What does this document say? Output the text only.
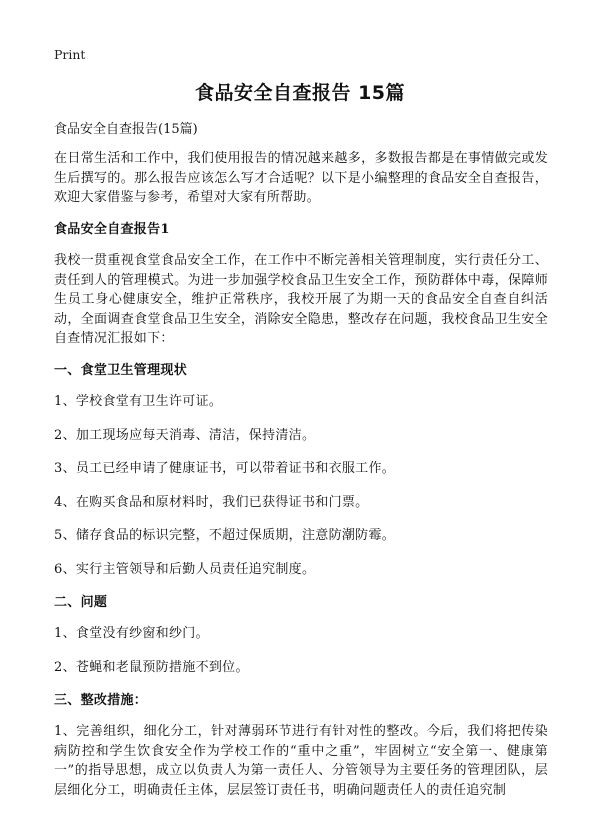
Print
食品安全自查报告 15篇
食品安全自查报告(15篇)

在日常生活和工作中，我们使用报告的情况越来越多，多数报告都是在事情做完或发生后撰写的。那么报告应该怎么写才合适呢？以下是小编整理的食品安全自查报告，欢迎大家借鉴与参考，希望对大家有所帮助。

食品安全自查报告1

我校一贯重视食堂食品安全工作，在工作中不断完善相关管理制度，实行责任分工、责任到人的管理模式。为进一步加强学校食品卫生安全工作，预防群体中毒，保障师生员工身心健康安全，维护正常秩序，我校开展了为期一天的食品安全自查自纠活动，全面调查食堂食品卫生安全，消除安全隐患，整改存在问题，我校食品卫生安全自查情况汇报如下：

一、食堂卫生管理现状
1、学校食堂有卫生许可证。
2、加工现场应每天消毒、清洁，保持清洁。
3、员工已经申请了健康证书，可以带着证书和衣服工作。
4、在购买食品和原材料时，我们已获得证书和门票。
5、储存食品的标识完整，不超过保质期，注意防潮防霉。
6、实行主管领导和后勤人员责任追究制度。
二、问题
1、食堂没有纱窗和纱门。
2、苍蝇和老鼠预防措施不到位。
三、整改措施：

1、完善组织，细化分工，针对薄弱环节进行有针对性的整改。今后，我们将把传染病防控和学生饮食安全作为学校工作的“重中之重”，牢固树立“安全第一、健康第一”的指导思想，成立以负责人为第一责任人、分管领导为主要任务的管理团队，层层细化分工，明确责任主体，层层签订责任书，明确问题责任人的责任追究制
